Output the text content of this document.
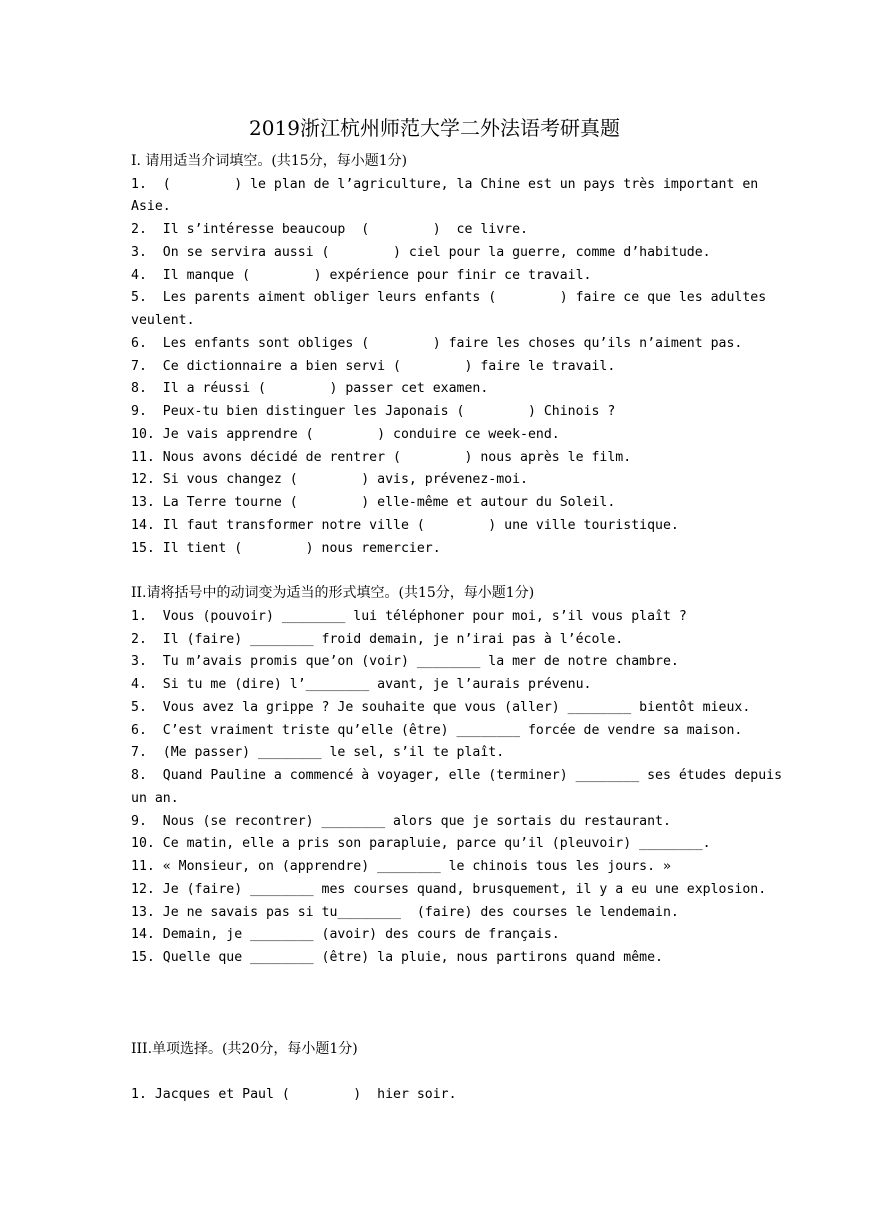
2019浙江杭州师范大学二外法语考研真题
I. 请用适当介词填空。(共15分，每小题1分)
1.  (        ) le plan de l’agriculture, la Chine est un pays très important en
Asie.
2.  Il s’intéresse beaucoup  (        )  ce livre.
3.  On se servira aussi (        ) ciel pour la guerre, comme d’habitude.
4.  Il manque (        ) expérience pour finir ce travail.
5.  Les parents aiment obliger leurs enfants (        ) faire ce que les adultes
veulent.
6.  Les enfants sont obliges (        ) faire les choses qu’ils n’aiment pas.
7.  Ce dictionnaire a bien servi (        ) faire le travail.
8.  Il a réussi (        ) passer cet examen.
9.  Peux-tu bien distinguer les Japonais (        ) Chinois ?
10. Je vais apprendre (        ) conduire ce week-end.
11. Nous avons décidé de rentrer (        ) nous après le film.
12. Si vous changez (        ) avis, prévenez-moi.
13. La Terre tourne (        ) elle-même et autour du Soleil.
14. Il faut transformer notre ville (        ) une ville touristique.
15. Il tient (        ) nous remercier.
II.请将括号中的动词变为适当的形式填空。(共15分，每小题1分)
1.  Vous (pouvoir) ________ lui téléphoner pour moi, s’il vous plaît ?
2.  Il (faire) ________ froid demain, je n’irai pas à l’école.
3.  Tu m’avais promis que’on (voir) ________ la mer de notre chambre.
4.  Si tu me (dire) l’________ avant, je l’aurais prévenu.
5.  Vous avez la grippe ? Je souhaite que vous (aller) ________ bientôt mieux.
6.  C’est vraiment triste qu’elle (être) ________ forcée de vendre sa maison.
7.  (Me passer) ________ le sel, s’il te plaît.
8.  Quand Pauline a commencé à voyager, elle (terminer) ________ ses études depuis
un an.
9.  Nous (se recontrer) ________ alors que je sortais du restaurant.
10. Ce matin, elle a pris son parapluie, parce qu’il (pleuvoir) ________.
11. « Monsieur, on (apprendre) ________ le chinois tous les jours. »
12. Je (faire) ________ mes courses quand, brusquement, il y a eu une explosion.
13. Je ne savais pas si tu________  (faire) des courses le lendemain.
14. Demain, je ________ (avoir) des cours de français.
15. Quelle que ________ (être) la pluie, nous partirons quand même.
III.单项选择。(共20分，每小题1分)
1. Jacques et Paul (        )  hier soir.
